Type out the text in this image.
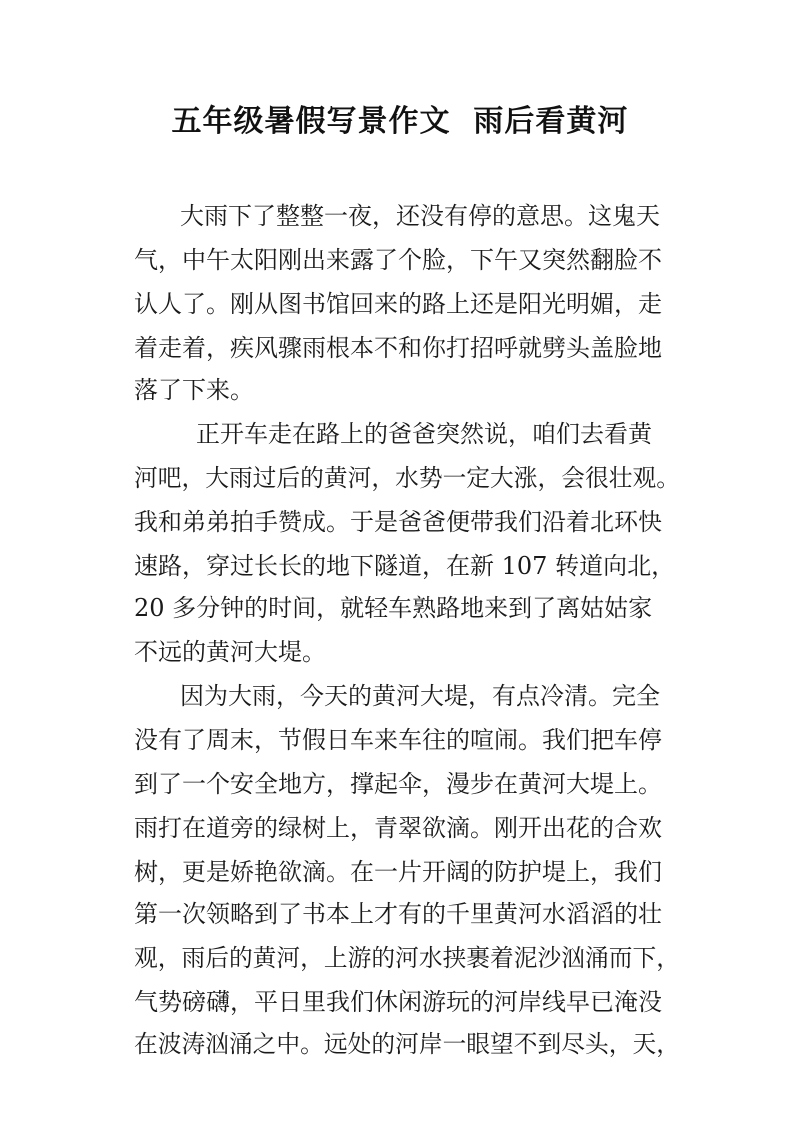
五年级暑假写景作文  雨后看黄河

大雨下了整整一夜，还没有停的意思。这鬼天

气，中午太阳刚出来露了个脸，下午又突然翻脸不

认人了。刚从图书馆回来的路上还是阳光明媚，走

着走着，疾风骤雨根本不和你打招呼就劈头盖脸地

落了下来。

正开车走在路上的爸爸突然说，咱们去看黄

河吧，大雨过后的黄河，水势一定大涨，会很壮观。

我和弟弟拍手赞成。于是爸爸便带我们沿着北环快

速路，穿过长长的地下隧道，在新 107 转道向北，

20 多分钟的时间，就轻车熟路地来到了离姑姑家

不远的黄河大堤。

因为大雨，今天的黄河大堤，有点冷清。完全

没有了周末，节假日车来车往的喧闹。我们把车停

到了一个安全地方，撑起伞，漫步在黄河大堤上。

雨打在道旁的绿树上，青翠欲滴。刚开出花的合欢

树，更是娇艳欲滴。在一片开阔的防护堤上，我们

第一次领略到了书本上才有的千里黄河水滔滔的壮

观，雨后的黄河，上游的河水挟裹着泥沙汹涌而下，

气势磅礴，平日里我们休闲游玩的河岸线早已淹没

在波涛汹涌之中。远处的河岸一眼望不到尽头，天，
